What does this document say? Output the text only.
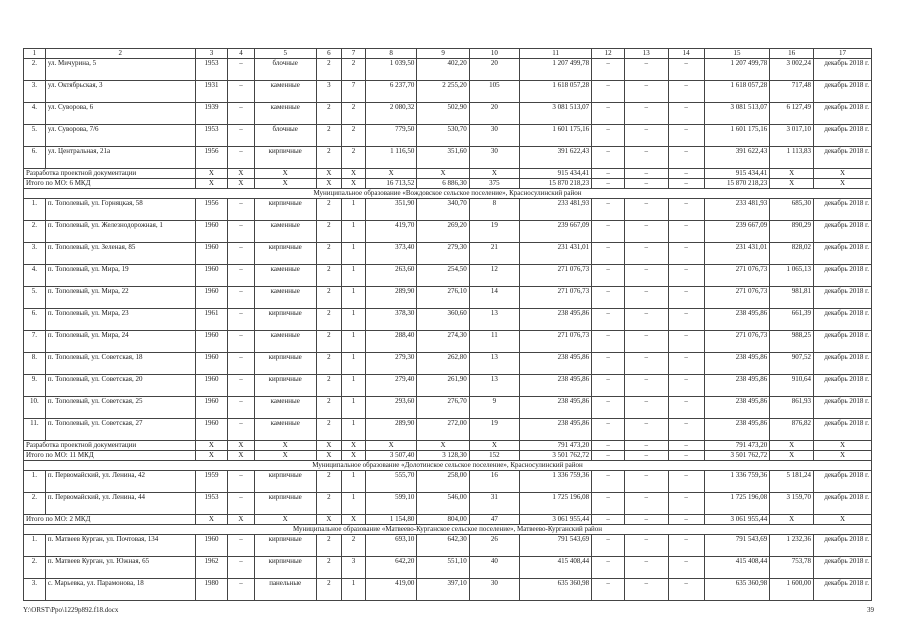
1	2	3	4	5	6	7	8	9	10	11	12	13	14	15	16	17
2.	ул. Мичурина, 5	1953	–	блочные	2	2	1 039,50	402,20	20	1 207 499,78	–	–	–	1 207 499,78	3 002,24	декабрь 2018 г.
3.	ул. Октябрьская, 3	1931	–	каменные	3	7	6 237,70	2 255,20	105	1 618 057,28	–	–	–	1 618 057,28	717,48	декабрь 2018 г.
4.	ул. Суворова, 6	1939	–	каменные	2	2	2 080,32	502,90	20	3 081 513,07	–	–	–	3 081 513,07	6 127,49	декабрь 2018 г.
5.	ул. Суворова, 7/6	1953	–	блочные	2	2	779,50	530,70	30	1 601 175,16	–	–	–	1 601 175,16	3 017,10	декабрь 2018 г.
6.	ул. Центральная, 21а	1956	–	кирпичные	2	2	1 116,50	351,60	30	391 622,43	–	–	–	391 622,43	1 113,83	декабрь 2018 г.
Разработка проектной документации		Х	Х	Х	Х	Х	Х	Х	Х	915 434,41	–	–	–	915 434,41	Х	Х
Итого по МО: 6 МКД		Х	Х	Х	Х	Х	16 713,52	6 886,30	375	15 870 218,23	–	–	–	15 870 218,23	Х	Х
Муниципальное образование «Вождовское сельское поселение», Красносулинский район																
1.	п. Тополевый, ул. Горняцкая, 58	1956	–	кирпичные	2	1	351,90	340,70	8	233 481,93	–	–	–	233 481,93	685,30	декабрь 2018 г.
2.	п. Тополевый, ул. Железнодорожная, 1	1960	–	каменные	2	1	419,70	269,20	19	239 667,09	–	–	–	239 667,09	890,29	декабрь 2018 г.
3.	п. Тополевый, ул. Зеленая, 85	1960	–	кирпичные	2	1	373,40	279,30	21	231 431,01	–	–	–	231 431,01	828,02	декабрь 2018 г.
4.	п. Тополевый, ул. Мира, 19	1960	–	каменные	2	1	263,60	254,50	12	271 076,73	–	–	–	271 076,73	1 065,13	декабрь 2018 г.
5.	п. Тополевый, ул. Мира, 22	1960	–	каменные	2	1	289,90	276,10	14	271 076,73	–	–	–	271 076,73	981,81	декабрь 2018 г.
6.	п. Тополевый, ул. Мира, 23	1961	–	кирпичные	2	1	378,30	360,60	13	238 495,86	–	–	–	238 495,86	661,39	декабрь 2018 г.
7.	п. Тополевый, ул. Мира, 24	1960	–	каменные	2	1	288,40	274,30	11	271 076,73	–	–	–	271 076,73	988,25	декабрь 2018 г.
8.	п. Тополевый, ул. Советская, 18	1960	–	кирпичные	2	1	279,30	262,80	13	238 495,86	–	–	–	238 495,86	907,52	декабрь 2018 г.
9.	п. Тополевый, ул. Советская, 20	1960	–	кирпичные	2	1	279,40	261,90	13	238 495,86	–	–	–	238 495,86	910,64	декабрь 2018 г.
10.	п. Тополевый, ул. Советская, 25	1960	–	каменные	2	1	293,60	276,70	9	238 495,86	–	–	–	238 495,86	861,93	декабрь 2018 г.
11.	п. Тополевый, ул. Советская, 27	1960	–	каменные	2	1	289,90	272,00	19	238 495,86	–	–	–	238 495,86	876,82	декабрь 2018 г.
Разработка проектной документации		Х	Х	Х	Х	Х	Х	Х	Х	791 473,20	–	–	–	791 473,20	Х	Х
Итого по МО: 11 МКД		Х	Х	Х	Х	Х	3 507,40	3 128,30	152	3 501 762,72	–	–	–	3 501 762,72	Х	Х
Муниципальное образование «Долотинское сельское поселение», Красносулинский район																
1.	п. Первомайский, ул. Ленина, 42	1959	–	кирпичные	2	1	555,70	258,00	16	1 336 759,36	–	–	–	1 336 759,36	5 181,24	декабрь 2018 г.
2.	п. Первомайский, ул. Ленина, 44	1953	–	кирпичные	2	1	599,10	546,00	31	1 725 196,08	–	–	–	1 725 196,08	3 159,70	декабрь 2018 г.
Итого по МО: 2 МКД		Х	Х	Х	Х	Х	1 154,80	804,00	47	3 061 955,44	–	–	–	3 061 955,44	Х	Х
Муниципальное образование «Матвеево-Курганское сельское поселение», Матвеево-Курганский район																
1.	п. Матвеев Курган, ул. Почтовая, 134	1960	–	кирпичные	2	2	693,10	642,30	26	791 543,69	–	–	–	791 543,69	1 232,36	декабрь 2018 г.
2.	п. Матвеев Курган, ул. Южная, 65	1962	–	кирпичные	2	3	642,20	551,10	40	415 408,44	–	–	–	415 408,44	753,78	декабрь 2018 г.
3.	с. Марьевка, ул. Парамонова, 18	1980	–	панельные	2	1	419,00	397,10	30	635 360,98	–	–	–	635 360,98	1 600,00	декабрь 2018 г.
Y:\ORST\Ppo\1229p892.f18.docx	39
